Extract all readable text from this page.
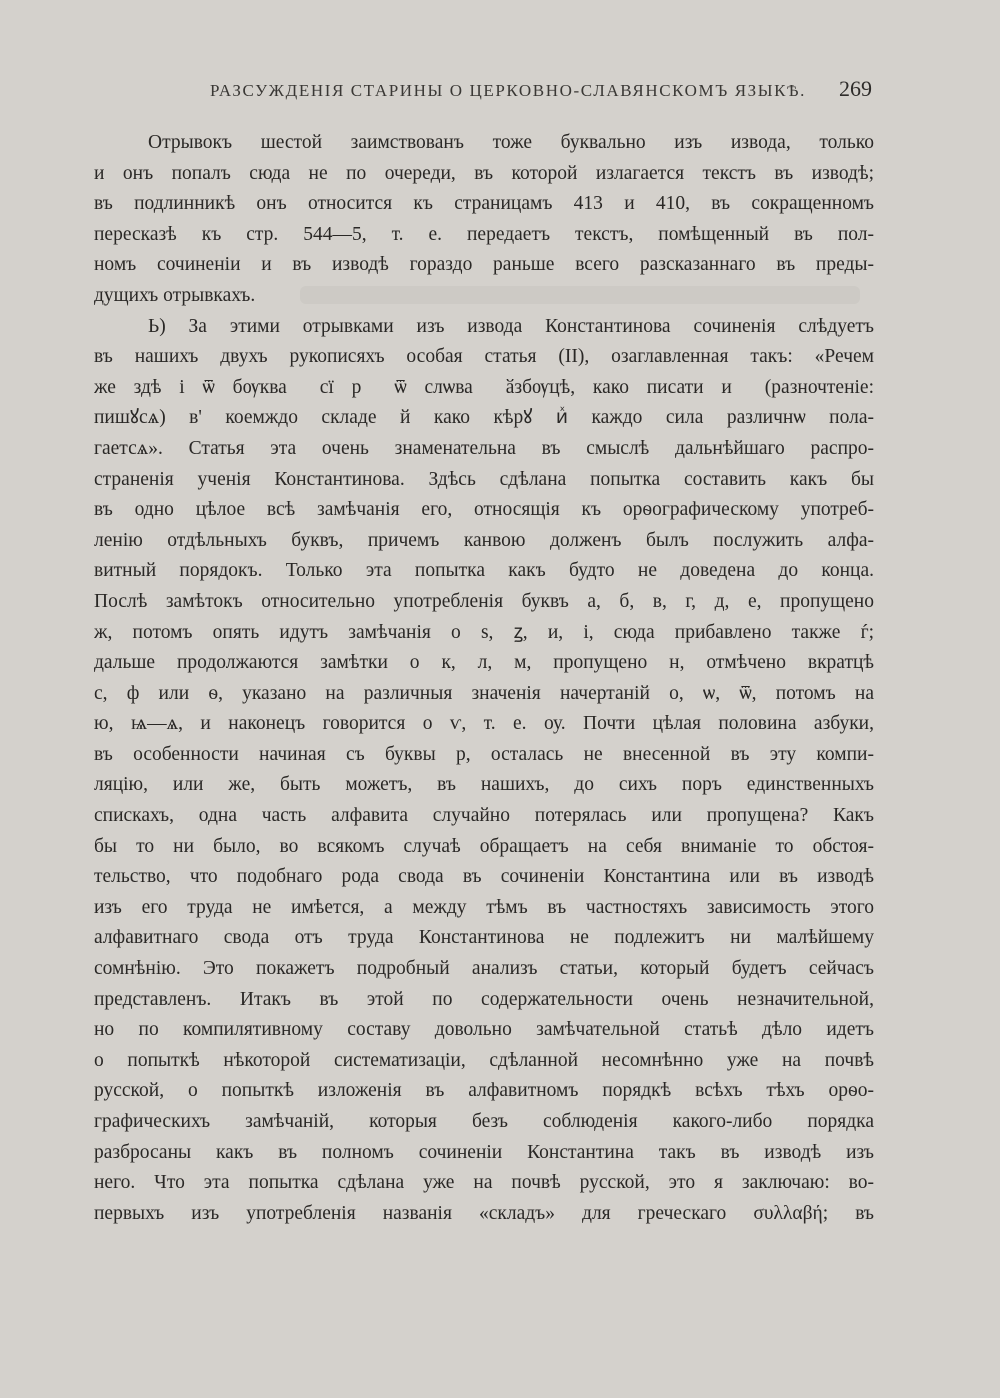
РАЗСУЖДЕНІЯ СТАРИНЫ О ЦЕРКОВНО-СЛАВЯНСКОМЪ ЯЗЫКѢ. 269
Отрывокъ шестой заимствованъ тоже буквально изъ извода, только
и онъ попалъ сюда не по очереди, въ которой излагается текстъ въ изводѣ;
въ подлинникѣ онъ относится къ страницамъ 413 и 410, въ сокращенномъ
пересказѣ къ стр. 544—5, т. е. передаетъ текстъ, помѣщенный въ пол-
номъ сочиненіи и въ изводѣ гораздо раньше всего разсказаннаго въ преды-
дущихъ отрывкахъ.
Ь) За этими отрывками изъ извода Константинова сочиненія слѣдуетъ
въ нашихъ двухъ рукописяхъ особая статья (II), озаглавленная такъ: «Речем
же здѣ і ѿ бѹкваⷯ сї рⷱ ѿ слѡваⷯ ӑзбѹцѣ, како писати иⷯ (разночтеніе:
пишꙋсѧ) в' коемждо складе й како кѣрꙋ иⷯ каждо сила различнѡ пола-
гаетсѧ». Статья эта очень знаменательна въ смыслѣ дальнѣйшаго распро-
страненія ученія Константинова. Здѣсь сдѣлана попытка составить какъ бы
въ одно цѣлое всѣ замѣчанія его, относящія къ орѳографическому употреб-
ленію отдѣльныхъ буквъ, причемъ канвою долженъ былъ послужить алфа-
витный порядокъ. Только эта попытка какъ будто не доведена до конца.
Послѣ замѣтокъ относительно употребленія буквъ а, б, в, г, д, е, пропущено
ж, потомъ опять идутъ замѣчанія о ѕ, ꙁ, и, і, сюда прибавлено также ѓ;
дальше продолжаются замѣтки о к, л, м, пропущено н, отмѣчено вкратцѣ
с, ф или ѳ, указано на различныя значенія начертаній о, ѡ, ѿ, потомъ на
ю, ѩ—ѧ, и наконецъ говорится о ѵ, т. е. оу. Почти цѣлая половина азбуки,
въ особенности начиная съ буквы р, осталась не внесенной въ эту компи-
ляцію, или же, быть можетъ, въ нашихъ, до сихъ поръ единственныхъ
спискахъ, одна часть алфавита случайно потерялась или пропущена? Какъ
бы то ни было, во всякомъ случаѣ обращаетъ на себя вниманіе то обстоя-
тельство, что подобнаго рода свода въ сочиненіи Константина или въ изводѣ
изъ его труда не имѣется, а между тѣмъ въ частностяхъ зависимость этого
алфавитнаго свода отъ труда Константинова не подлежитъ ни малѣйшему
сомнѣнію. Это покажетъ подробный анализъ статьи, который будетъ сейчасъ
представленъ. Итакъ въ этой по содержательности очень незначительной,
но по компилятивному составу довольно замѣчательной статьѣ дѣло идетъ
о попыткѣ нѣкоторой систематизаціи, сдѣланной несомнѣнно уже на почвѣ
русской, о попыткѣ изложенія въ алфавитномъ порядкѣ всѣхъ тѣхъ орѳо-
графическихъ замѣчаній, которыя безъ соблюденія какого-либо порядка
разбросаны какъ въ полномъ сочиненіи Константина такъ въ изводѣ изъ
него. Что эта попытка сдѣлана уже на почвѣ русской, это я заключаю: во-
первыхъ изъ употребленія названія «складъ» для греческаго συλλαβή; въ
